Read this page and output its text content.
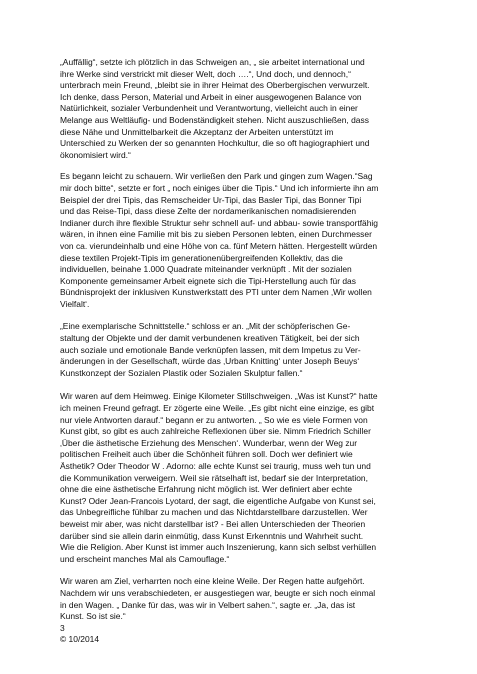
„Auffällig“, setzte ich plötzlich in das Schweigen an, „ sie arbeitet international und
ihre Werke sind verstrickt mit dieser Welt, doch ….“, Und doch, und dennoch,“
unterbrach mein Freund, „bleibt sie in ihrer Heimat des Oberbergischen verwurzelt.
Ich denke, dass Person, Material und Arbeit in einer ausgewogenen Balance von
Natürlichkeit, sozialer Verbundenheit und Verantwortung, vielleicht auch in einer
Melange aus Weltläufig- und Bodenständigkeit stehen. Nicht auszuschließen, dass
diese Nähe und Unmittelbarkeit die Akzeptanz der Arbeiten unterstützt im
Unterschied zu Werken der so genannten Hochkultur, die so oft hagiographiert und
ökonomisiert wird.“

Es begann leicht zu schauern. Wir verließen den Park und gingen zum Wagen.“Sag
mir doch bitte“, setzte er fort „ noch einiges über die Tipis.“ Und ich informierte ihn am
Beispiel der drei Tipis, das Remscheider Ur-Tipi, das Basler Tipi, das Bonner Tipi
und das Reise-Tipi, dass diese Zelte der nordamerikanischen nomadisierenden
Indianer durch ihre flexible Struktur sehr schnell auf- und abbau- sowie transportfähig
wären, in ihnen eine Familie mit bis zu sieben Personen lebten, einen Durchmesser
von ca. vierundeinhalb und eine Höhe von ca. fünf Metern hätten. Hergestellt würden
diese textilen Projekt-Tipis im generationenübergreifenden Kollektiv, das die
individuellen, beinahe 1.000 Quadrate miteinander verknüpft . Mit der sozialen
Komponente gemeinsamer Arbeit eignete sich die Tipi-Herstellung auch für das
Bündnisprojekt der inklusiven Kunstwerkstatt des PTI unter dem Namen ‚Wir wollen
Vielfalt‘.

„Eine exemplarische Schnittstelle.“ schloss er an. „Mit der schöpferischen Ge-
staltung der Objekte und der damit verbundenen kreativen Tätigkeit, bei der sich
auch soziale und emotionale Bande verknüpfen lassen, mit dem Impetus zu Ver-
änderungen in der Gesellschaft, würde das ‚Urban Knitting‘ unter Joseph Beuys‘
Kunstkonzept der Sozialen Plastik oder Sozialen Skulptur fallen.“

Wir waren auf dem Heimweg. Einige Kilometer Stillschweigen. „Was ist Kunst?“ hatte
ich meinen Freund gefragt. Er zögerte eine Weile. „Es gibt nicht eine einzige, es gibt
nur viele Antworten darauf.“ begann er zu antworten. „ So wie es viele Formen von
Kunst gibt, so gibt es auch zahlreiche Reflexionen über sie. Nimm Friedrich Schiller
‚Über die ästhetische Erziehung des Menschen‘. Wunderbar, wenn der Weg zur
politischen Freiheit auch über die Schönheit führen soll. Doch wer definiert wie
Ästhetik? Oder Theodor W . Adorno: alle echte Kunst sei traurig, muss weh tun und
die Kommunikation verweigern. Weil sie rätselhaft ist, bedarf sie der Interpretation,
ohne die eine ästhetische Erfahrung nicht möglich ist. Wer definiert aber echte
Kunst? Oder Jean-Francois Lyotard, der sagt, die eigentliche Aufgabe von Kunst sei,
das Unbegreifliche fühlbar zu machen und das Nichtdarstellbare darzustellen. Wer
beweist mir aber, was nicht darstellbar ist? - Bei allen Unterschieden der Theorien
darüber sind sie allein darin einmütig, dass Kunst Erkenntnis und Wahrheit sucht.
Wie die Religion. Aber Kunst ist immer auch Inszenierung, kann sich selbst verhüllen
und erscheint manches Mal als Camouflage.“

Wir waren am Ziel, verharrten noch eine kleine Weile. Der Regen hatte aufgehört.
Nachdem wir uns verabschiedeten, er ausgestiegen war, beugte er sich noch einmal
in den Wagen. „ Danke für das, was wir in Velbert sahen.“, sagte er. „Ja, das ist
Kunst. So ist sie.“

3

© 10/2014
